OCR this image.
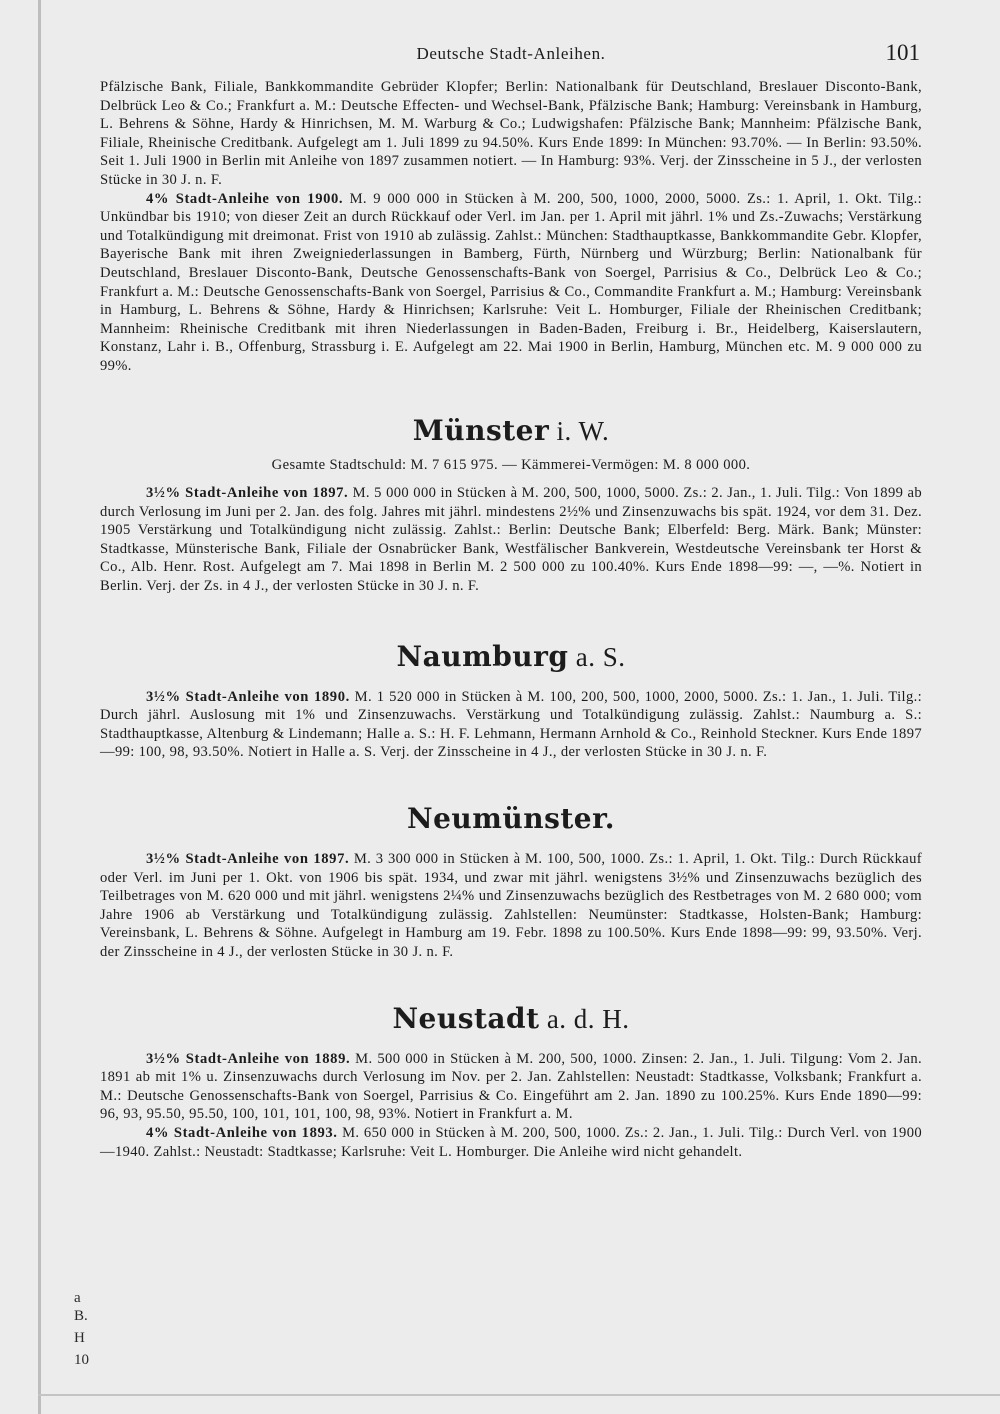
Deutsche Stadt-Anleihen.	101

Pfälzische Bank, Filiale, Bankkommandite Gebrüder Klopfer; Berlin: Nationalbank für Deutschland, Breslauer Disconto-Bank, Delbrück Leo & Co.; Frankfurt a. M.: Deutsche Effecten- und Wechsel-Bank, Pfälzische Bank; Hamburg: Vereinsbank in Hamburg, L. Behrens & Söhne, Hardy & Hinrichsen, M. M. Warburg & Co.; Ludwigshafen: Pfälzische Bank; Mannheim: Pfälzische Bank, Filiale, Rheinische Creditbank. Aufgelegt am 1. Juli 1899 zu 94.50%. Kurs Ende 1899: In München: 93.70%. — In Berlin: 93.50%. Seit 1. Juli 1900 in Berlin mit Anleihe von 1897 zusammen notiert. — In Hamburg: 93%. Verj. der Zinsscheine in 5 J., der verlosten Stücke in 30 J. n. F.

4% Stadt-Anleihe von 1900. M. 9 000 000 in Stücken à M. 200, 500, 1000, 2000, 5000. Zs.: 1. April, 1. Okt. Tilg.: Unkündbar bis 1910; von dieser Zeit an durch Rückkauf oder Verl. im Jan. per 1. April mit jährl. 1% und Zs.-Zuwachs; Verstärkung und Totalkündigung mit dreimonat. Frist von 1910 ab zulässig. Zahlst.: München: Stadthauptkasse, Bankkommandite Gebr. Klopfer, Bayerische Bank mit ihren Zweigniederlassungen in Bamberg, Fürth, Nürnberg und Würzburg; Berlin: Nationalbank für Deutschland, Breslauer Disconto-Bank, Deutsche Genossenschafts-Bank von Soergel, Parrisius & Co., Delbrück Leo & Co.; Frankfurt a. M.: Deutsche Genossenschafts-Bank von Soergel, Parrisius & Co., Commandite Frankfurt a. M.; Hamburg: Vereinsbank in Hamburg, L. Behrens & Söhne, Hardy & Hinrichsen; Karlsruhe: Veit L. Homburger, Filiale der Rheinischen Creditbank; Mannheim: Rheinische Creditbank mit ihren Niederlassungen in Baden-Baden, Freiburg i. Br., Heidelberg, Kaiserslautern, Konstanz, Lahr i. B., Offenburg, Strassburg i. E. Aufgelegt am 22. Mai 1900 in Berlin, Hamburg, München etc. M. 9 000 000 zu 99%.

Münster i. W.
Gesamte Stadtschuld: M. 7 615 975. — Kämmerei-Vermögen: M. 8 000 000.

3½% Stadt-Anleihe von 1897. M. 5 000 000 in Stücken à M. 200, 500, 1000, 5000. Zs.: 2. Jan., 1. Juli. Tilg.: Von 1899 ab durch Verlosung im Juni per 2. Jan. des folg. Jahres mit jährl. mindestens 2½% und Zinsenzuwachs bis spät. 1924, vor dem 31. Dez. 1905 Verstärkung und Totalkündigung nicht zulässig. Zahlst.: Berlin: Deutsche Bank; Elberfeld: Berg. Märk. Bank; Münster: Stadtkasse, Münsterische Bank, Filiale der Osnabrücker Bank, Westfälischer Bankverein, Westdeutsche Vereinsbank ter Horst & Co., Alb. Henr. Rost. Aufgelegt am 7. Mai 1898 in Berlin M. 2 500 000 zu 100.40%. Kurs Ende 1898—99: —, —%. Notiert in Berlin. Verj. der Zs. in 4 J., der verlosten Stücke in 30 J. n. F.

Naumburg a. S.

3½% Stadt-Anleihe von 1890. M. 1 520 000 in Stücken à M. 100, 200, 500, 1000, 2000, 5000. Zs.: 1. Jan., 1. Juli. Tilg.: Durch jährl. Auslosung mit 1% und Zinsenzuwachs. Verstärkung und Totalkündigung zulässig. Zahlst.: Naumburg a. S.: Stadthauptkasse, Altenburg & Lindemann; Halle a. S.: H. F. Lehmann, Hermann Arnhold & Co., Reinhold Steckner. Kurs Ende 1897—99: 100, 98, 93.50%. Notiert in Halle a. S. Verj. der Zinsscheine in 4 J., der verlosten Stücke in 30 J. n. F.

Neumünster.

3½% Stadt-Anleihe von 1897. M. 3 300 000 in Stücken à M. 100, 500, 1000. Zs.: 1. April, 1. Okt. Tilg.: Durch Rückkauf oder Verl. im Juni per 1. Okt. von 1906 bis spät. 1934, und zwar mit jährl. wenigstens 3½% und Zinsenzuwachs bezüglich des Teilbetrages von M. 620 000 und mit jährl. wenigstens 2¼% und Zinsenzuwachs bezüglich des Restbetrages von M. 2 680 000; vom Jahre 1906 ab Verstärkung und Totalkündigung zulässig. Zahlstellen: Neumünster: Stadtkasse, Holsten-Bank; Hamburg: Vereinsbank, L. Behrens & Söhne. Aufgelegt in Hamburg am 19. Febr. 1898 zu 100.50%. Kurs Ende 1898—99: 99, 93.50%. Verj. der Zinsscheine in 4 J., der verlosten Stücke in 30 J. n. F.

Neustadt a. d. H.

3½% Stadt-Anleihe von 1889. M. 500 000 in Stücken à M. 200, 500, 1000. Zinsen: 2. Jan., 1. Juli. Tilgung: Vom 2. Jan. 1891 ab mit 1% u. Zinsenzuwachs durch Verlosung im Nov. per 2. Jan. Zahlstellen: Neustadt: Stadtkasse, Volksbank; Frankfurt a. M.: Deutsche Genossenschafts-Bank von Soergel, Parrisius & Co. Eingeführt am 2. Jan. 1890 zu 100.25%. Kurs Ende 1890—99: 96, 93, 95.50, 95.50, 100, 101, 101, 100, 98, 93%. Notiert in Frankfurt a. M.

4% Stadt-Anleihe von 1893. M. 650 000 in Stücken à M. 200, 500, 1000. Zs.: 2. Jan., 1. Juli. Tilg.: Durch Verl. von 1900—1940. Zahlst.: Neustadt: Stadtkasse; Karlsruhe: Veit L. Homburger. Die Anleihe wird nicht gehandelt.

a
B.
H
10
